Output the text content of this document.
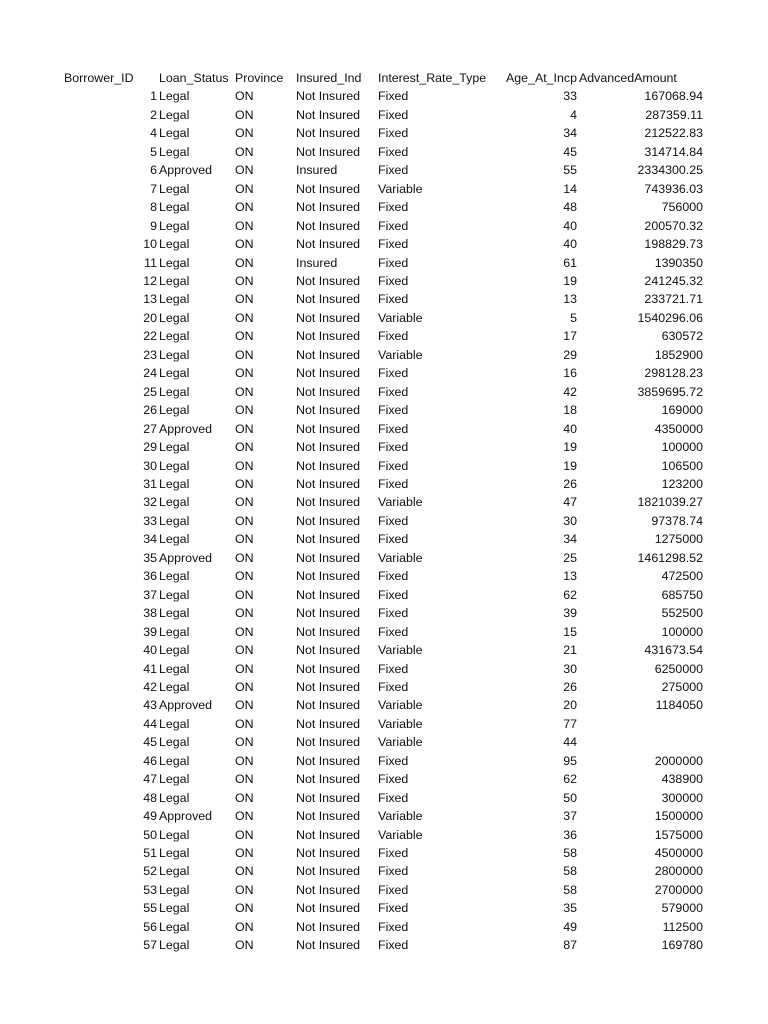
Borrower_ID Loan_Status Province Insured_Ind Interest_Rate_Type Age_At_Incp AdvancedAmount
1 Legal	ON	Not Insured Fixed	33	167068.94
2 Legal	ON	Not Insured Fixed	4	287359.11
4 Legal	ON	Not Insured Fixed	34	212522.83
5 Legal	ON	Not Insured Fixed	45	314714.84
6 Approved ON	Insured	Fixed	55	2334300.25
7 Legal	ON	Not Insured Variable	14	743936.03
8 Legal	ON	Not Insured Fixed	48	756000
9 Legal	ON	Not Insured Fixed	40	200570.32
10 Legal	ON	Not Insured Fixed	40	198829.73
11 Legal	ON	Insured	Fixed	61	1390350
12 Legal	ON	Not Insured Fixed	19	241245.32
13 Legal	ON	Not Insured Fixed	13	233721.71
20 Legal	ON	Not Insured Variable	5	1540296.06
22 Legal	ON	Not Insured Fixed	17	630572
23 Legal	ON	Not Insured Variable	29	1852900
24 Legal	ON	Not Insured Fixed	16	298128.23
25 Legal	ON	Not Insured Fixed	42	3859695.72
26 Legal	ON	Not Insured Fixed	18	169000
27 Approved ON	Not Insured Fixed	40	4350000
29 Legal	ON	Not Insured Fixed	19	100000
30 Legal	ON	Not Insured Fixed	19	106500
31 Legal	ON	Not Insured Fixed	26	123200
32 Legal	ON	Not Insured Variable	47	1821039.27
33 Legal	ON	Not Insured Fixed	30	97378.74
34 Legal	ON	Not Insured Fixed	34	1275000
35 Approved ON	Not Insured Variable	25	1461298.52
36 Legal	ON	Not Insured Fixed	13	472500
37 Legal	ON	Not Insured Fixed	62	685750
38 Legal	ON	Not Insured Fixed	39	552500
39 Legal	ON	Not Insured Fixed	15	100000
40 Legal	ON	Not Insured Variable	21	431673.54
41 Legal	ON	Not Insured Fixed	30	6250000
42 Legal	ON	Not Insured Fixed	26	275000
43 Approved ON	Not Insured Variable	20	1184050
44 Legal	ON	Not Insured Variable	77
45 Legal	ON	Not Insured Variable	44
46 Legal	ON	Not Insured Fixed	95	2000000
47 Legal	ON	Not Insured Fixed	62	438900
48 Legal	ON	Not Insured Fixed	50	300000
49 Approved ON	Not Insured Variable	37	1500000
50 Legal	ON	Not Insured Variable	36	1575000
51 Legal	ON	Not Insured Fixed	58	4500000
52 Legal	ON	Not Insured Fixed	58	2800000
53 Legal	ON	Not Insured Fixed	58	2700000
55 Legal	ON	Not Insured Fixed	35	579000
56 Legal	ON	Not Insured Fixed	49	112500
57 Legal	ON	Not Insured Fixed	87	169780
